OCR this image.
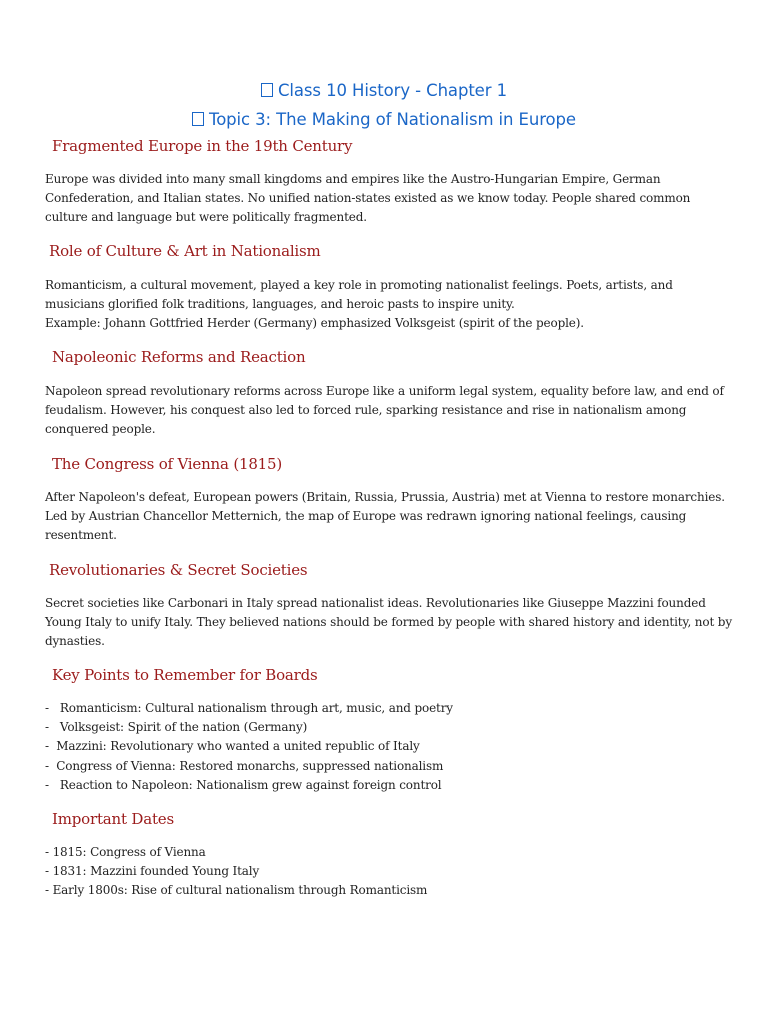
Class 10 History - Chapter 1
Topic 3: The Making of Nationalism in Europe
Fragmented Europe in the 19th Century

Europe was divided into many small kingdoms and empires like the Austro-Hungarian Empire, German Confederation, and Italian states. No unified nation-states existed as we know today. People shared common culture and language but were politically fragmented.

Role of Culture & Art in Nationalism

Romanticism, a cultural movement, played a key role in promoting nationalist feelings. Poets, artists, and musicians glorified folk traditions, languages, and heroic pasts to inspire unity.

Example: Johann Gottfried Herder (Germany) emphasized Volksgeist (spirit of the people).

Napoleonic Reforms and Reaction

Napoleon spread revolutionary reforms across Europe like a uniform legal system, equality before law, and end of feudalism. However, his conquest also led to forced rule, sparking resistance and rise in nationalism among conquered people.

The Congress of Vienna (1815)

After Napoleon's defeat, European powers (Britain, Russia, Prussia, Austria) met at Vienna to restore monarchies. Led by Austrian Chancellor Metternich, the map of Europe was redrawn ignoring national feelings, causing resentment.

Revolutionaries & Secret Societies

Secret societies like Carbonari in Italy spread nationalist ideas. Revolutionaries like Giuseppe Mazzini founded Young Italy to unify Italy. They believed nations should be formed by people with shared history and identity, not by dynasties.

Key Points to Remember for Boards
-   Romanticism: Cultural nationalism through art, music, and poetry
-   Volksgeist: Spirit of the nation (Germany)
-  Mazzini: Revolutionary who wanted a united republic of Italy
-  Congress of Vienna: Restored monarchs, suppressed nationalism
-   Reaction to Napoleon: Nationalism grew against foreign control
Important Dates
- 1815: Congress of Vienna
- 1831: Mazzini founded Young Italy
- Early 1800s: Rise of cultural nationalism through Romanticism
